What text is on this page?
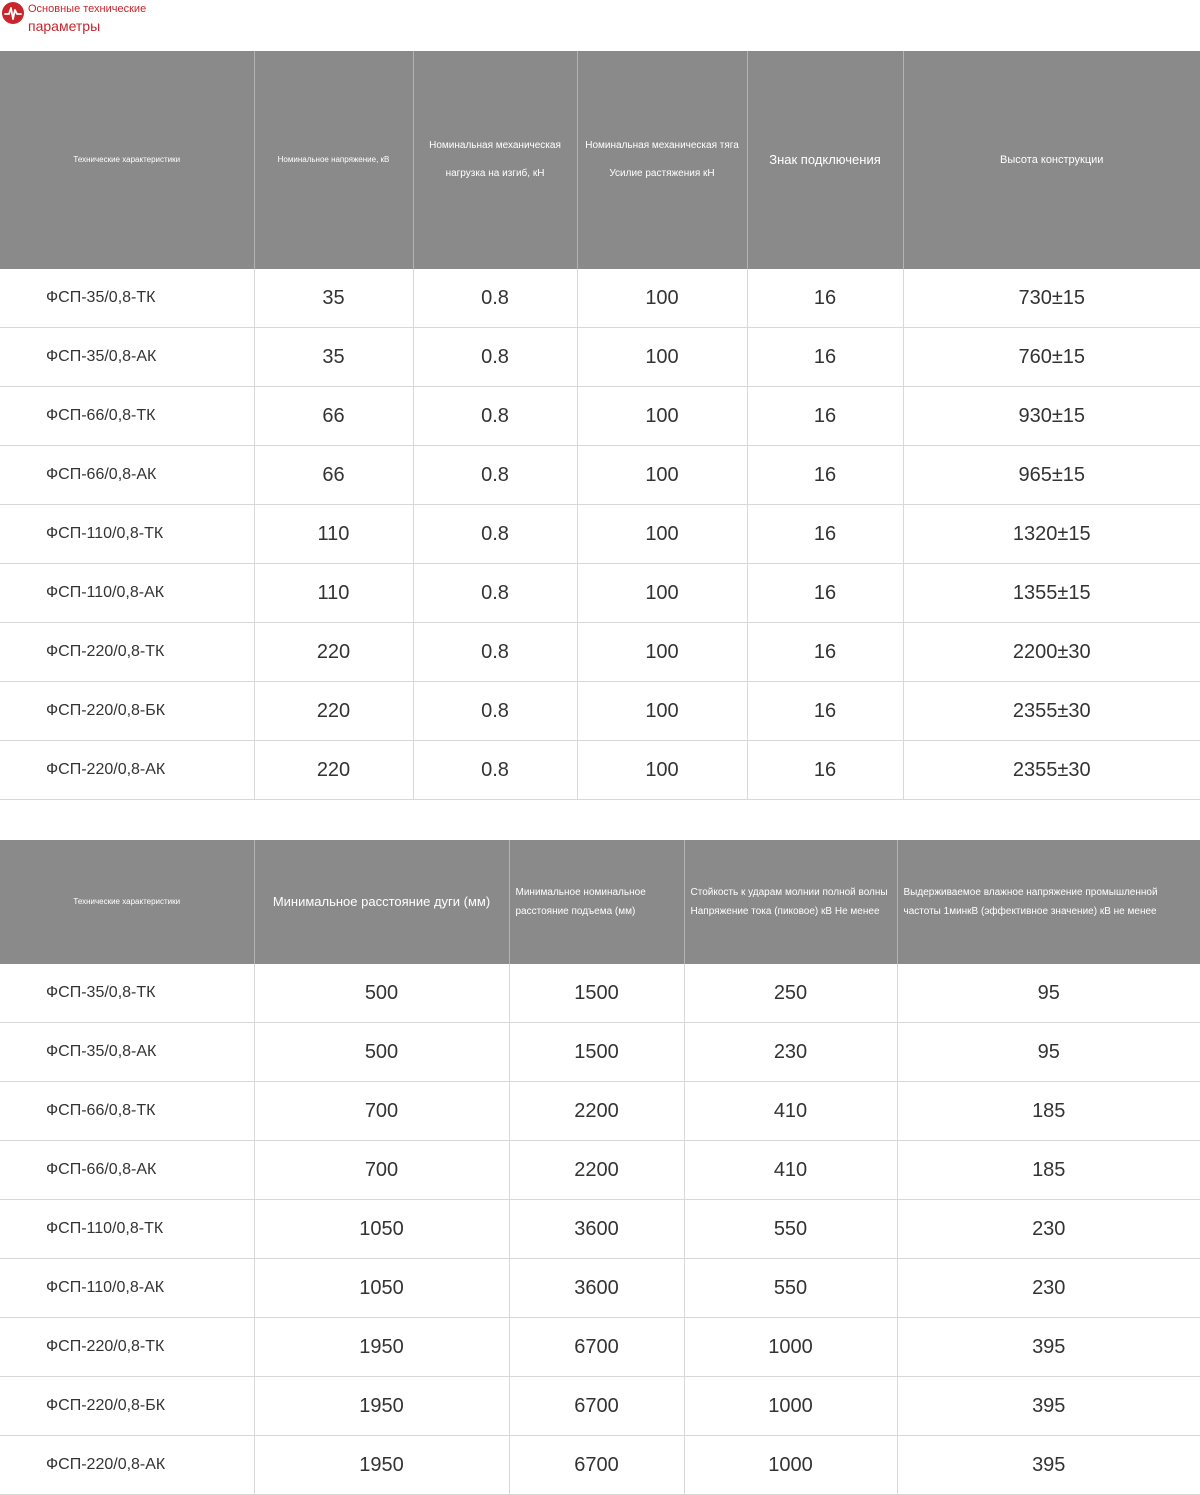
Основные технические
параметры
Технические характеристики	Номинальное напряжение, кВ	Номинальная механическая нагрузка на изгиб, кН	Номинальная механическая тяга Усилие растяжения кН	Знак подключения	Высота конструкции
ФСП-35/0,8-ТК	35	0.8	100	16	730±15
ФСП-35/0,8-АК	35	0.8	100	16	760±15
ФСП-66/0,8-ТК	66	0.8	100	16	930±15
ФСП-66/0,8-АК	66	0.8	100	16	965±15
ФСП-110/0,8-ТК	110	0.8	100	16	1320±15
ФСП-110/0,8-АК	110	0.8	100	16	1355±15
ФСП-220/0,8-ТК	220	0.8	100	16	2200±30
ФСП-220/0,8-БК	220	0.8	100	16	2355±30
ФСП-220/0,8-АК	220	0.8	100	16	2355±30
Технические характеристики	Минимальное расстояние дуги (мм)	Минимальное номинальное расстояние подъема (мм)	Стойкость к ударам молнии полной волны Напряжение тока (пиковое) кВ Не менее	Выдерживаемое влажное напряжение промышленной частоты 1минкВ (эффективное значение) кВ не менее
ФСП-35/0,8-ТК	500	1500	250	95
ФСП-35/0,8-АК	500	1500	230	95
ФСП-66/0,8-ТК	700	2200	410	185
ФСП-66/0,8-АК	700	2200	410	185
ФСП-110/0,8-ТК	1050	3600	550	230
ФСП-110/0,8-АК	1050	3600	550	230
ФСП-220/0,8-ТК	1950	6700	1000	395
ФСП-220/0,8-БК	1950	6700	1000	395
ФСП-220/0,8-АК	1950	6700	1000	395
